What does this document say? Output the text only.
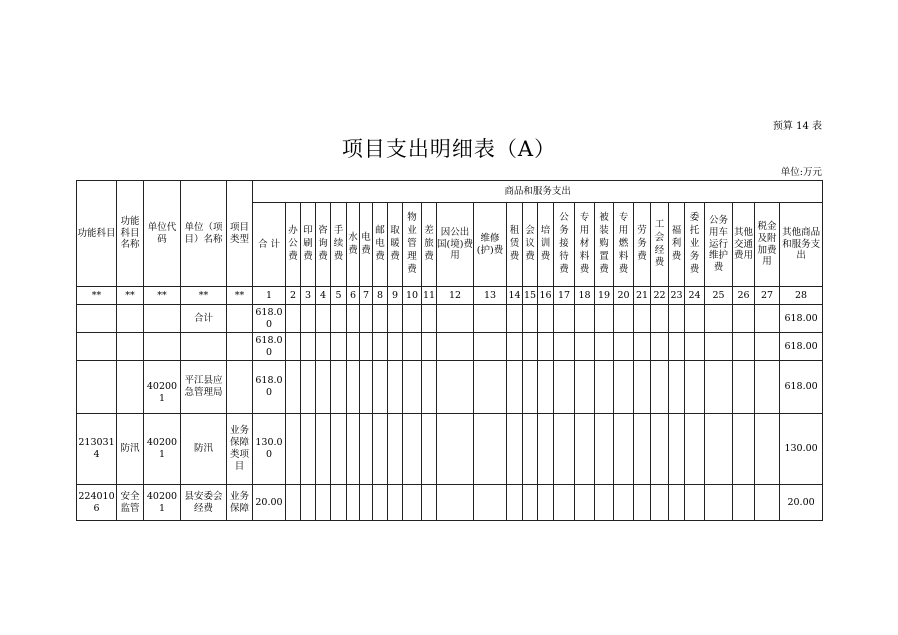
预算 14 表
项目支出明细表（A）
单位:万元
功能科目	功能科目名称	单位代码	单位（项目）名称	项目类型	商品和服务支出																											
					合 计	办公费	印刷费	咨询费	手续费	水费	电费	邮电费	取暖费	物业管理费	差旅费	因公出国(境)费用	维修(护)费	租赁费	会议费	培训费	公务接待费	专用材料费	被装购置费	专用燃料费	劳务费	工会经费	福利费	委托业务费	公务用车运行维护费	其他交通费用	税金及附加费用	其他商品和服务支出
**	**	**	**	**	1	2	3	4	5	6	7	8	9	10	11	12	13	14	15	16	17	18	19	20	21	22	23	24	25	26	27	28
			合计		618.00																											618.00
					618.00																											618.00
		402001	平江县应急管理局		618.00																											618.00
2130314	防汛	402001	防汛	业务保障类项目	130.00																											130.00
2240106	安全监管	402001	县安委会经费	业务保障	20.00																											20.00
